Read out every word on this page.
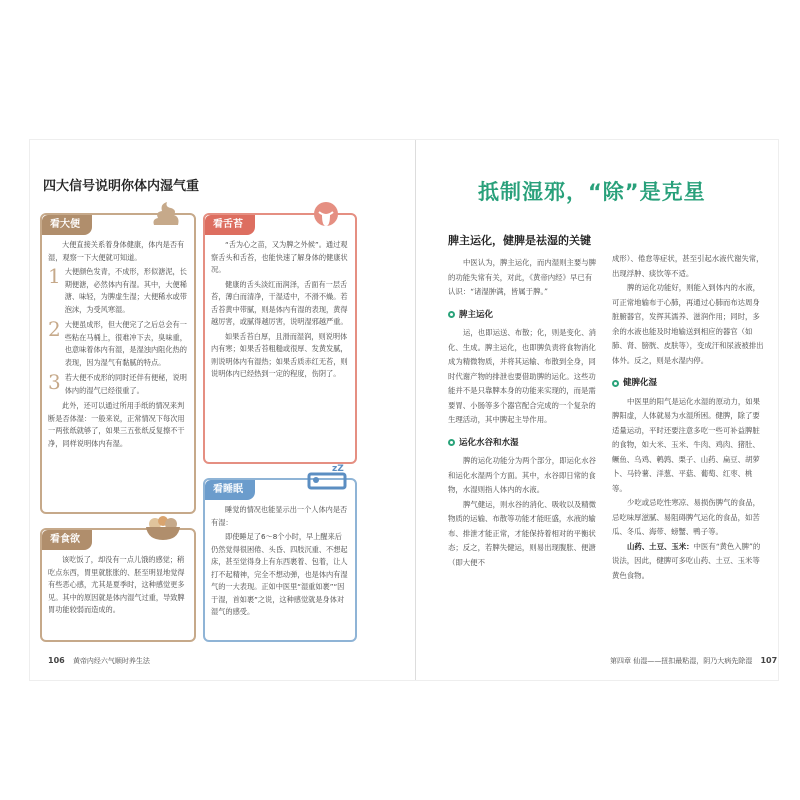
四大信号说明你体内湿气重
看大便

大便直接关系着身体健康，体内是否有湿，观察一下大便就可知道。

1 大便颜色发青，不成形，形似溏泥，长期便溏，必然体内有湿。其中，大便稀溏、味轻，为脾虚生湿；大便稀水或带泡沫，为受风寒湿。
2 大便虽成形，但大便完了之后总会有一些粘在马桶上，很难冲下去，臭味重，也意味着体内有湿，是湿浊内阻化热的表现，因为湿气有黏腻的特点。
3 若大便不成形的同时还伴有便秘，说明体内的湿气已经很重了。

此外，还可以通过所用手纸的情况来判断是否体湿：一般来说，正常情况下每次用一两张纸就够了，如果三五张纸反复擦不干净，同样说明体内有湿。

看舌苔

“舌为心之苗，又为脾之外候”。通过观察舌头和舌苔，也能快速了解身体的健康状况。

健康的舌头淡红而润泽，舌面有一层舌苔，薄白而清净，干湿适中，不滑不燥。若舌苔黄中带腻，则是体内有湿的表现，黄得越厉害，或腻得越厉害，说明湿邪越严重。

如果舌苔白厚，且滑而湿润，则说明体内有寒；如果舌苔粗糙或很厚、发黄发腻，则说明体内有湿热；如果舌质赤红无苔，则说明体内已经热到一定的程度，伤阴了。

看睡眠

睡觉的情况也能显示出一个人体内是否有湿：

即使睡足了6～8个小时，早上醒来后仍然觉得很困倦、头昏、四肢沉重、不想起床，甚至觉得身上有东西裹着、包着，让人打不起精神，完全不想动弹，也是体内有湿气的一大表现。正如中医里“湿重如裹”“因于湿，首如裹”之说，这种感觉就是身体对湿气的感受。

zZ
看食欲

该吃饭了，却没有一点儿饿的感觉；稍吃点东西，胃里就胀胀的、胚至明显地觉得有些恶心感，尤其是夏季时，这种感觉更多见。其中的原因就是体内湿气过重，导致脾胃功能较弱而造成的。

106 黄帝内经六气顺时养生法
抵制湿邪，“除”是克星
脾主运化，健脾是祛湿的关键

中医认为，脾主运化，而内湿则主要与脾的功能失常有关，对此，《黄帝内经》早已有认识：“诸湿肿满，皆属于脾。”

脾主运化

运，也即运送、布散；化，则是变化、消化、生成。脾主运化，也即脾负责将食物消化成为精微物质，并将其运输、布散到全身，同时代谢产物的排泄也要借助脾的运化。这些功能并不是只靠脾本身的功能来实现的，而是需要胃、小肠等多个器官配合完成的一个复杂的生理活动，其中脾起主导作用。

运化水谷和水湿

脾的运化功能分为两个部分，即运化水谷和运化水湿两个方面。其中，水谷即日常的食物，水湿则指人体内的水液。

脾气健运，则水谷的消化、吸收以及精微物质的运输、布散等功能才能旺盛，水液的输布、排泄才能正常，才能保持着相对的平衡状态；反之，若脾失健运，则易出现腹胀、便溏（即大便不

成形）、倦怠等症状，甚至引起水液代谢失常，出现浮肿、痰饮等不适。

脾的运化功能好，则能入到体内的水液，可正常地输布于心肺，再通过心肺而布达周身脏腑器官，发挥其濡养、滋润作用；同时，多余的水液也能及时地输送到相应的器官（如肺、肾、膀胱、皮肤等），变成汗和尿液被排出体外。反之，则是水湿内停。

健脾化湿

中医里的阳气是运化水湿的原动力，如果脾阳虚，人体就易为水湿所困。健脾，除了要适量运动，平时还要注意多吃一些可补益脾脏的食物，如大米、玉米、牛肉、鸡肉、猪肚、鳜鱼、乌鸡、鹌鹑、栗子、山药、扁豆、胡萝卜、马铃薯、洋葱、平菇、葡萄、红枣、桃等。

少吃或忌吃性寒凉、易损伤脾气的食品，忌吃味厚滋腻、易阻碍脾气运化的食品，如苦瓜、冬瓜、海带、螃蟹、鸭子等。

山药、土豆、玉米：中医有“黄色入脾”的说法，因此，健脾可多吃山药、土豆、玉米等黄色食物。

第四章 仙湿——扭扣最粘湿，阴乃大病先除湿 107
